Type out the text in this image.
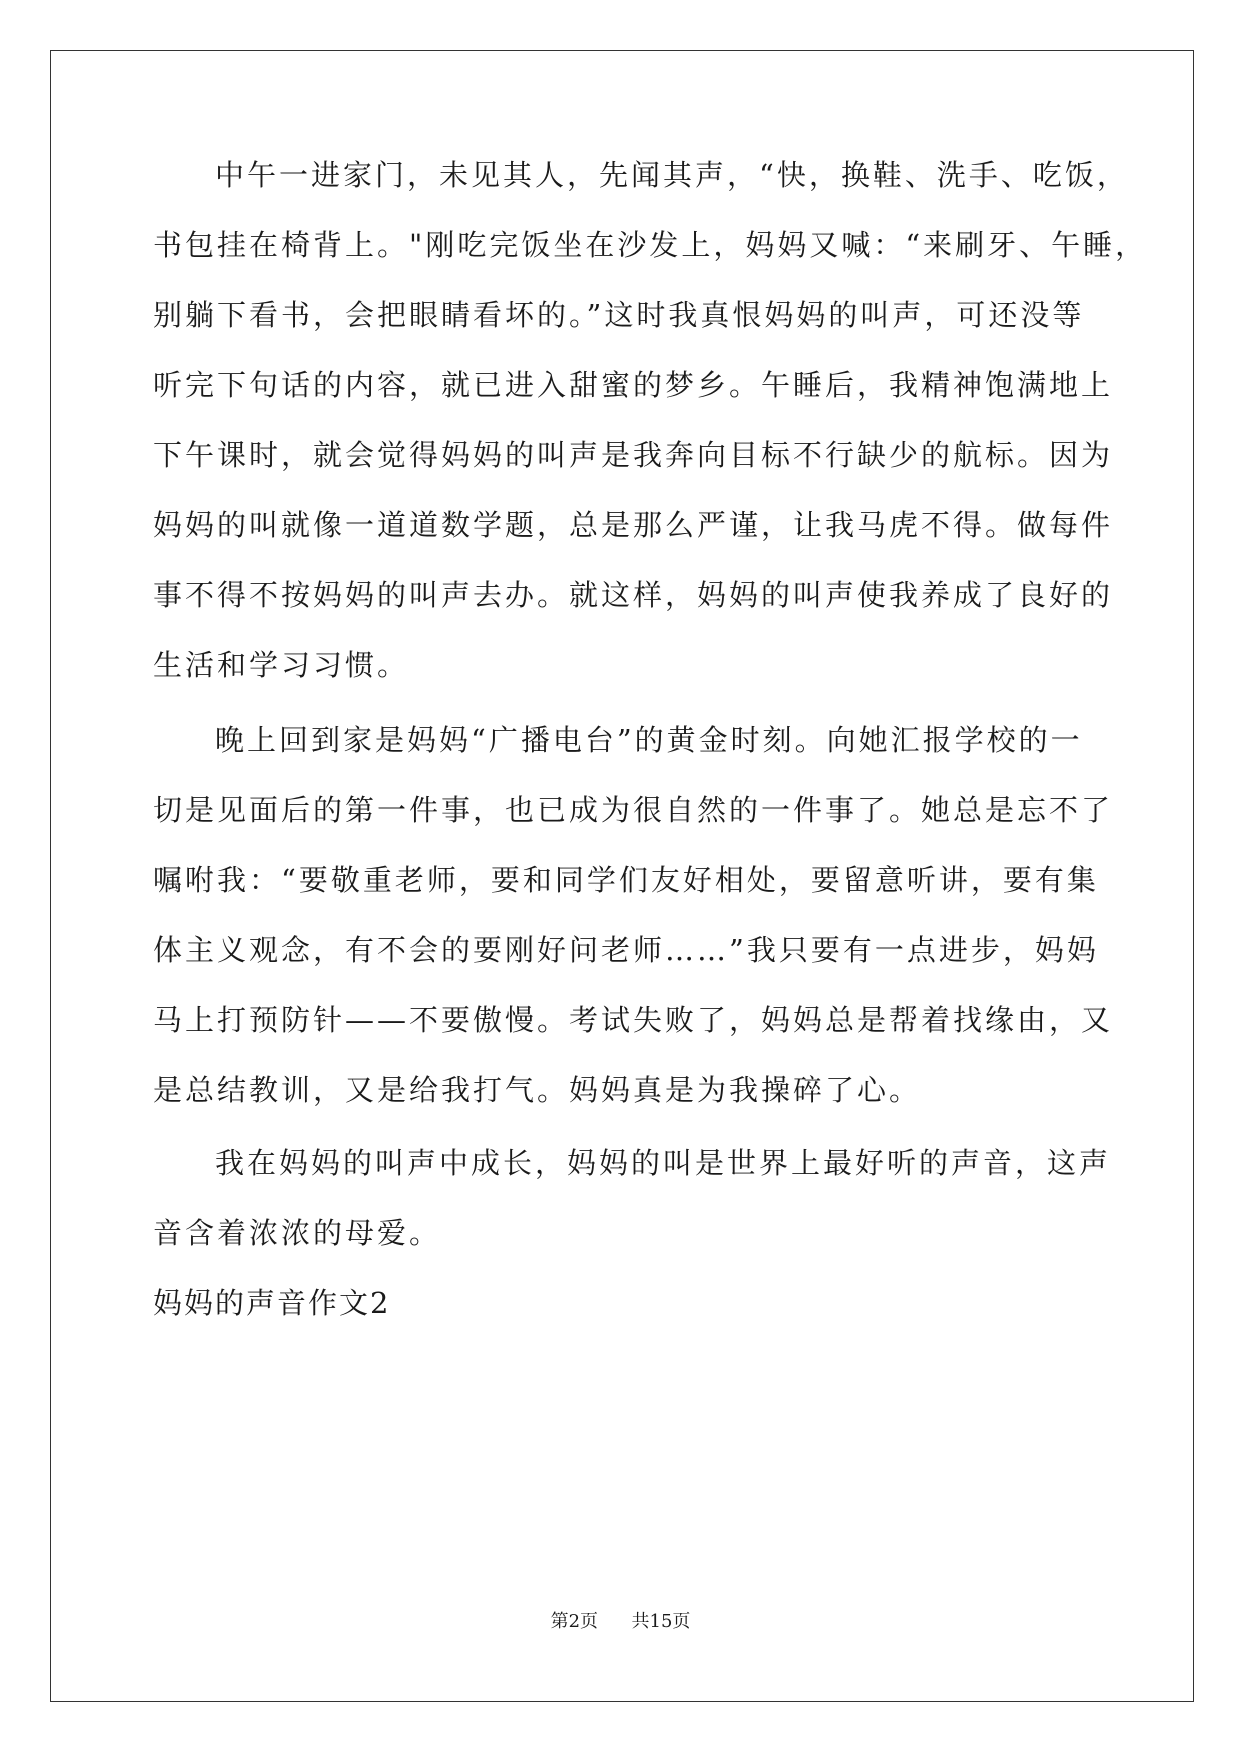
中午一进家门，未见其人，先闻其声，“快，换鞋、洗手、吃饭，
书包挂在椅背上。"刚吃完饭坐在沙发上，妈妈又喊：“来刷牙、午睡，
别躺下看书，会把眼睛看坏的。”这时我真恨妈妈的叫声，可还没等
听完下句话的内容，就已进入甜蜜的梦乡。午睡后，我精神饱满地上
下午课时，就会觉得妈妈的叫声是我奔向目标不行缺少的航标。因为
妈妈的叫就像一道道数学题，总是那么严谨，让我马虎不得。做每件
事不得不按妈妈的叫声去办。就这样，妈妈的叫声使我养成了良好的
生活和学习习惯。
晚上回到家是妈妈“广播电台”的黄金时刻。向她汇报学校的一
切是见面后的第一件事，也已成为很自然的一件事了。她总是忘不了
嘱咐我：“要敬重老师，要和同学们友好相处，要留意听讲，要有集
体主义观念，有不会的要刚好问老师……”我只要有一点进步，妈妈
马上打预防针——不要傲慢。考试失败了，妈妈总是帮着找缘由，又
是总结教训，又是给我打气。妈妈真是为我操碎了心。
我在妈妈的叫声中成长，妈妈的叫是世界上最好听的声音，这声
音含着浓浓的母爱。
妈妈的声音作文2
第2页 共15页
